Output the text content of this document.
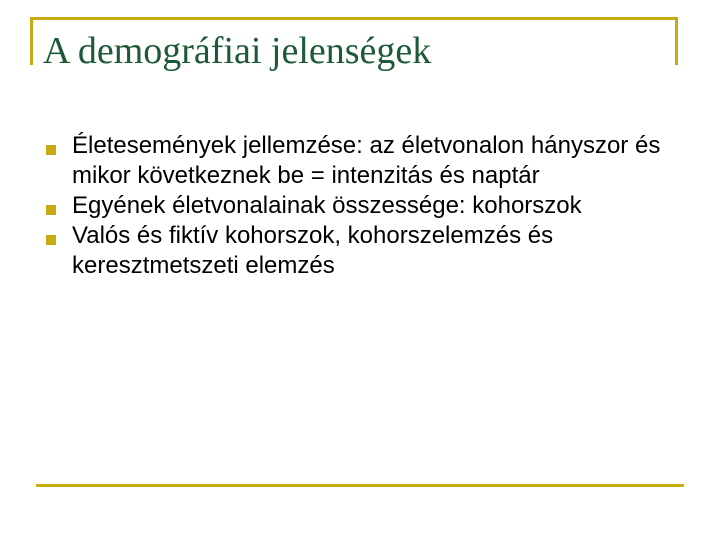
A demográfiai jelenségek
Életesemények jellemzése: az életvonalon hányszor és mikor következnek be = intenzitás és naptár
Egyének életvonalainak összessége: kohorszok
Valós és fiktív kohorszok, kohorszelemzés és keresztmetszeti elemzés
